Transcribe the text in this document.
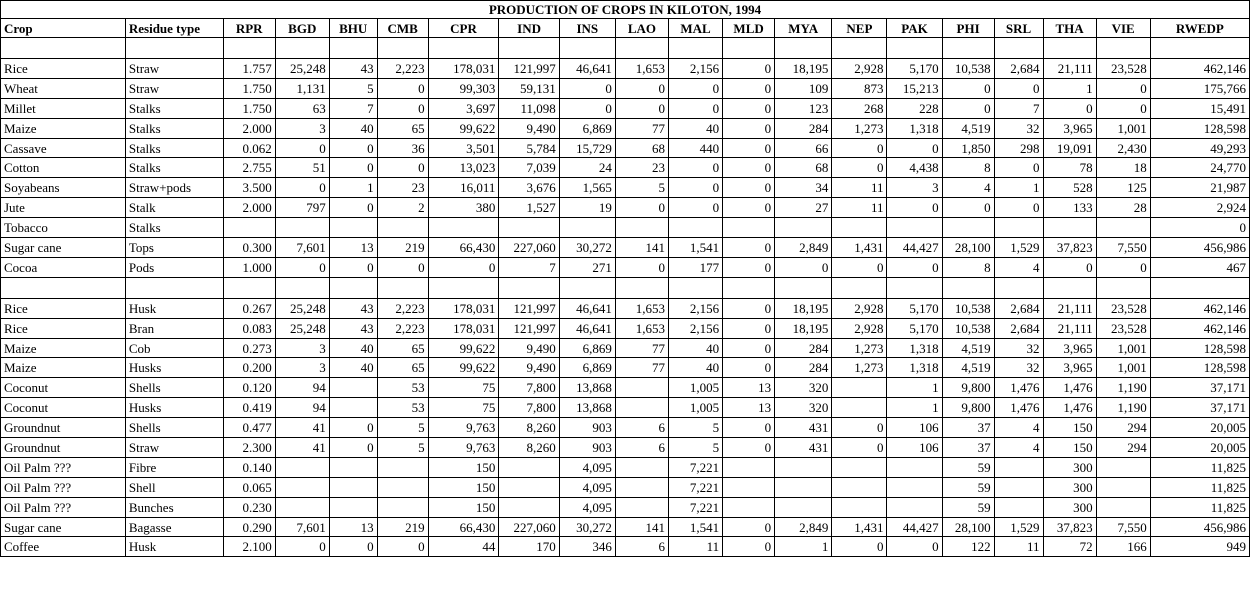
PRODUCTION OF CROPS IN KILOTON, 1994																			
Crop	Residue type	RPR	BGD	BHU	CMB	CPR	IND	INS	LAO	MAL	MLD	MYA	NEP	PAK	PHI	SRL	THA	VIE	RWEDP

Rice	Straw	1.757	25,248	43	2,223	178,031	121,997	46,641	1,653	2,156	0	18,195	2,928	5,170	10,538	2,684	21,111	23,528	462,146
Wheat	Straw	1.750	1,131	5	0	99,303	59,131	0	0	0	0	109	873	15,213	0	0	1	0	175,766
Millet	Stalks	1.750	63	7	0	3,697	11,098	0	0	0	0	123	268	228	0	7	0	0	15,491
Maize	Stalks	2.000	3	40	65	99,622	9,490	6,869	77	40	0	284	1,273	1,318	4,519	32	3,965	1,001	128,598
Cassave	Stalks	0.062	0	0	36	3,501	5,784	15,729	68	440	0	66	0	0	1,850	298	19,091	2,430	49,293
Cotton	Stalks	2.755	51	0	0	13,023	7,039	24	23	0	0	68	0	4,438	8	0	78	18	24,770
Soyabeans	Straw+pods	3.500	0	1	23	16,011	3,676	1,565	5	0	0	34	11	3	4	1	528	125	21,987
Jute	Stalk	2.000	797	0	2	380	1,527	19	0	0	0	27	11	0	0	0	133	28	2,924
Tobacco	Stalks																		0
Sugar cane	Tops	0.300	7,601	13	219	66,430	227,060	30,272	141	1,541	0	2,849	1,431	44,427	28,100	1,529	37,823	7,550	456,986
Cocoa	Pods	1.000	0	0	0	0	7	271	0	177	0	0	0	0	8	4	0	0	467

Rice	Husk	0.267	25,248	43	2,223	178,031	121,997	46,641	1,653	2,156	0	18,195	2,928	5,170	10,538	2,684	21,111	23,528	462,146
Rice	Bran	0.083	25,248	43	2,223	178,031	121,997	46,641	1,653	2,156	0	18,195	2,928	5,170	10,538	2,684	21,111	23,528	462,146
Maize	Cob	0.273	3	40	65	99,622	9,490	6,869	77	40	0	284	1,273	1,318	4,519	32	3,965	1,001	128,598
Maize	Husks	0.200	3	40	65	99,622	9,490	6,869	77	40	0	284	1,273	1,318	4,519	32	3,965	1,001	128,598
Coconut	Shells	0.120	94		53	75	7,800	13,868		1,005	13	320		1	9,800	1,476	1,476	1,190	37,171
Coconut	Husks	0.419	94		53	75	7,800	13,868		1,005	13	320		1	9,800	1,476	1,476	1,190	37,171
Groundnut	Shells	0.477	41	0	5	9,763	8,260	903	6	5	0	431	0	106	37	4	150	294	20,005
Groundnut	Straw	2.300	41	0	5	9,763	8,260	903	6	5	0	431	0	106	37	4	150	294	20,005
Oil Palm ???	Fibre	0.140				150		4,095		7,221					59		300		11,825
Oil Palm ???	Shell	0.065				150		4,095		7,221					59		300		11,825
Oil Palm ???	Bunches	0.230				150		4,095		7,221					59		300		11,825
Sugar cane	Bagasse	0.290	7,601	13	219	66,430	227,060	30,272	141	1,541	0	2,849	1,431	44,427	28,100	1,529	37,823	7,550	456,986
Coffee	Husk	2.100	0	0	0	44	170	346	6	11	0	1	0	0	122	11	72	166	949
